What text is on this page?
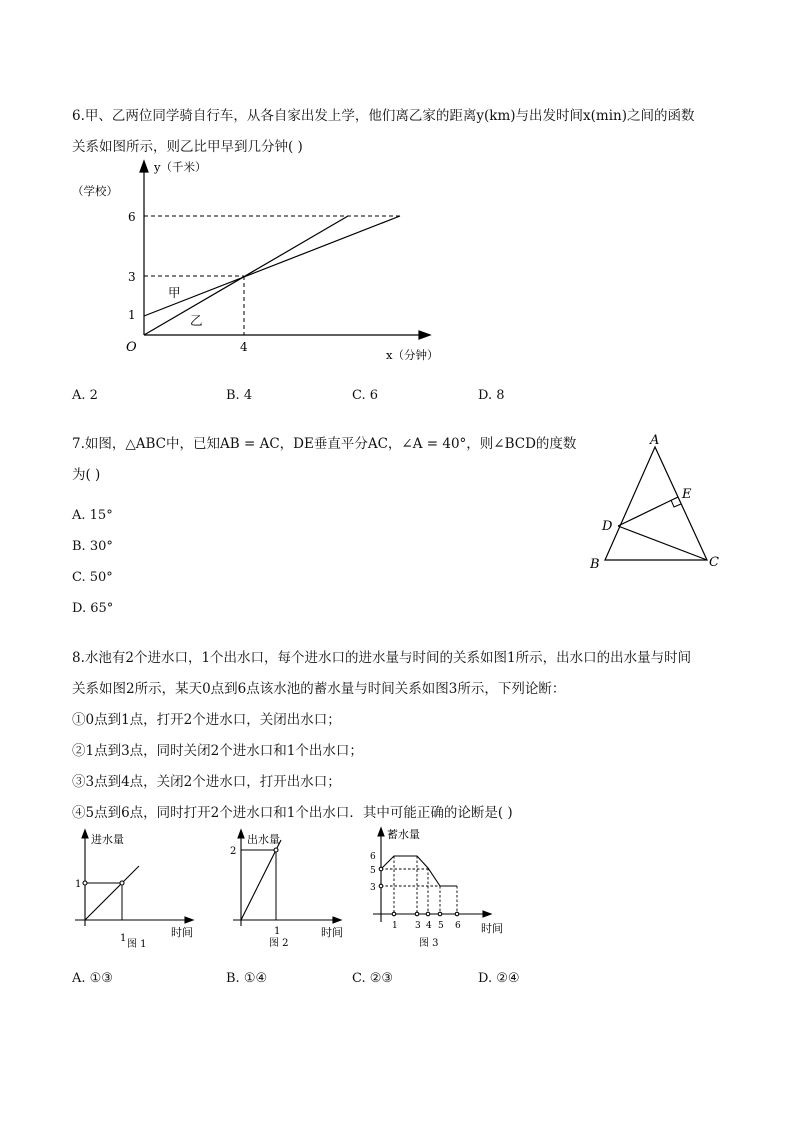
6.甲、乙两位同学骑自行车，从各自家出发上学，他们离乙家的距离y(km)与出发时间x(min)之间的函数
关系如图所示，则乙比甲早到几分钟( )
y（千米）
（学校）
6
3
1
O	4
x（分钟）
甲
乙
A. 2	B. 4	C. 6	D. 8
7.如图，△ABC中，已知AB = AC，DE垂直平分AC，∠A = 40°，则∠BCD的度数
为( )
A. 15°
B. 30°
C. 50°
D. 65°
A
B	C
D
E
8.水池有2个进水口，1个出水口，每个进水口的进水量与时间的关系如图1所示，出水口的出水量与时间
关系如图2所示，某天0点到6点该水池的蓄水量与时间关系如图3所示，下列论断：
①0点到1点，打开2个进水口，关闭出水口；
②1点到3点，同时关闭2个进水口和1个出水口；
③3点到4点，关闭2个进水口，打开出水口；
④5点到6点，同时打开2个进水口和1个出水口．其中可能正确的论断是( )
进水量
1
1	时间
图 1
出水量
2
1	时间
图 2
蓄水量
6
5
3
1 3 4 5 6 时间
图 3
A. ①③	B. ①④	C. ②③	D. ②④
